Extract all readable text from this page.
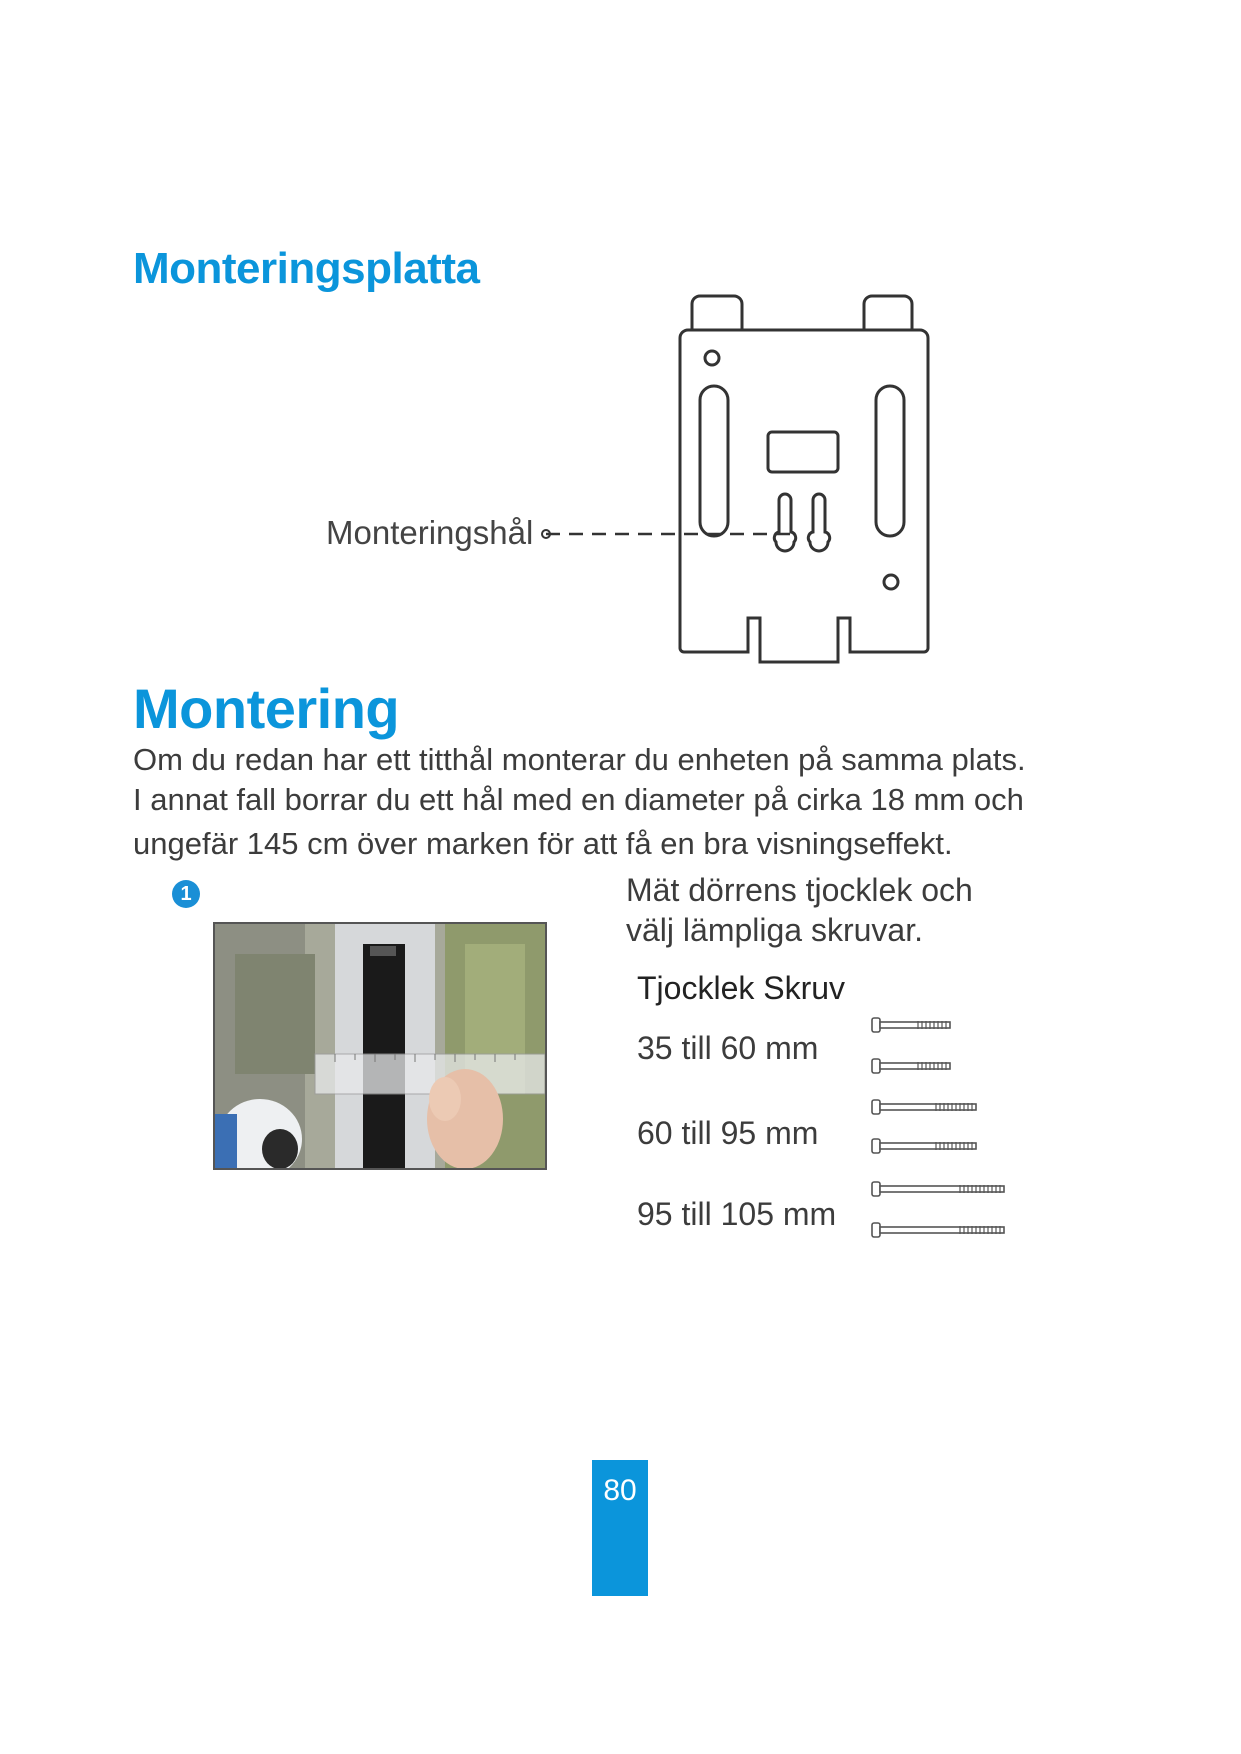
Monteringsplatta
Monteringshål
Montering

Om du redan har ett titthål monterar du enheten på samma plats.
I annat fall borrar du ett hål med en diameter på cirka 18 mm och
ungefär 145 cm över marken för att få en bra visningseffekt.

1	Mät dörrens tjocklek och
välj lämpliga skruvar.

Tjocklek Skruv
35 till 60 mm
60 till 95 mm
95 till 105 mm
80
